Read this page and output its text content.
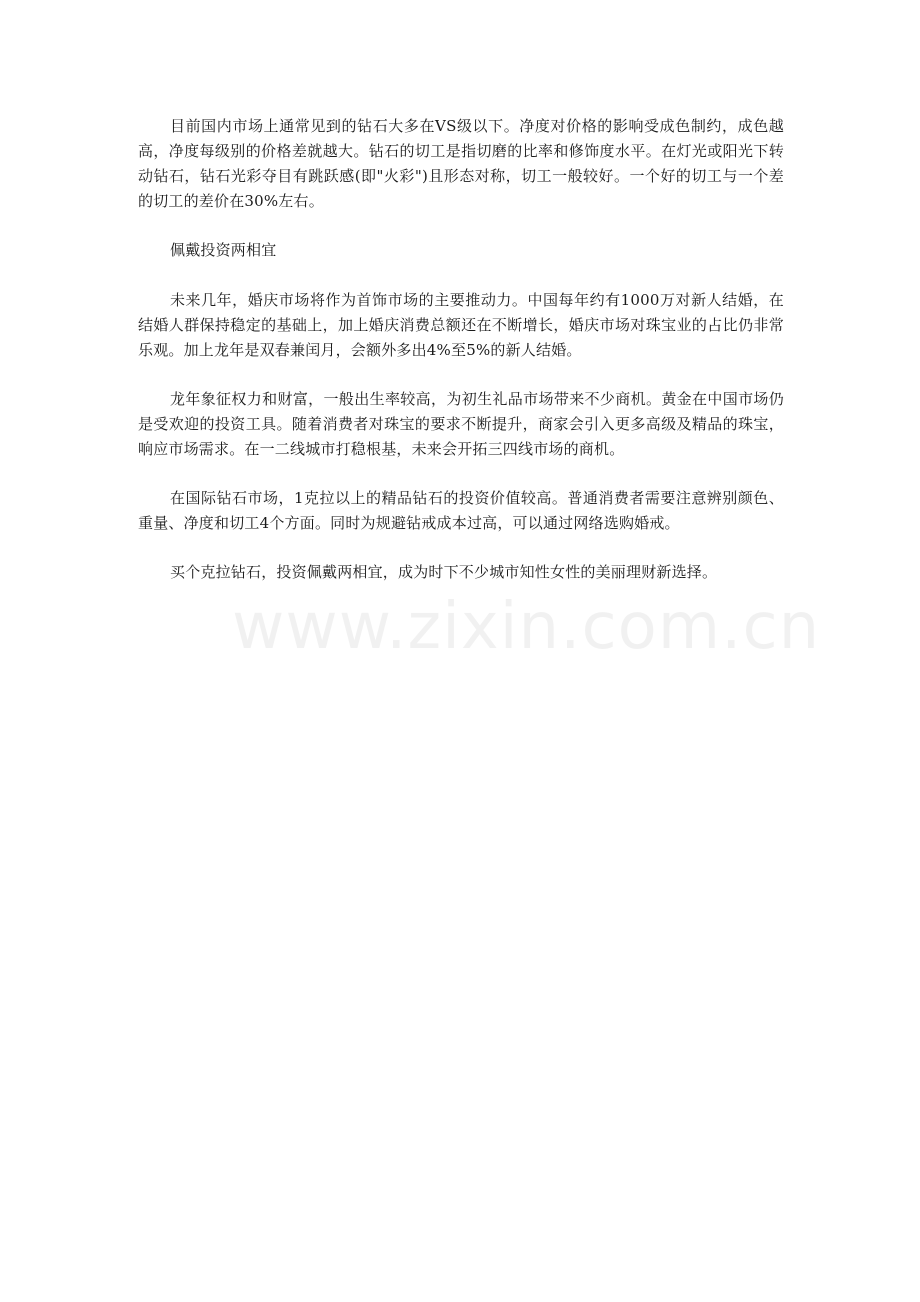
目前国内市场上通常见到的钻石大多在VS级以下。净度对价格的影响受成色制约，成色越高，净度每级别的价格差就越大。钻石的切工是指切磨的比率和修饰度水平。在灯光或阳光下转动钻石，钻石光彩夺目有跳跃感(即"火彩")且形态对称，切工一般较好。一个好的切工与一个差的切工的差价在30%左右。

佩戴投资两相宜

未来几年，婚庆市场将作为首饰市场的主要推动力。中国每年约有1000万对新人结婚，在结婚人群保持稳定的基础上，加上婚庆消费总额还在不断增长，婚庆市场对珠宝业的占比仍非常乐观。加上龙年是双春兼闰月，会额外多出4%至5%的新人结婚。

龙年象征权力和财富，一般出生率较高，为初生礼品市场带来不少商机。黄金在中国市场仍是受欢迎的投资工具。随着消费者对珠宝的要求不断提升，商家会引入更多高级及精品的珠宝，响应市场需求。在一二线城市打稳根基，未来会开拓三四线市场的商机。

在国际钻石市场，1克拉以上的精品钻石的投资价值较高。普通消费者需要注意辨别颜色、重量、净度和切工4个方面。同时为规避钻戒成本过高，可以通过网络选购婚戒。

买个克拉钻石，投资佩戴两相宜，成为时下不少城市知性女性的美丽理财新选择。

www.zixin.com.cn
